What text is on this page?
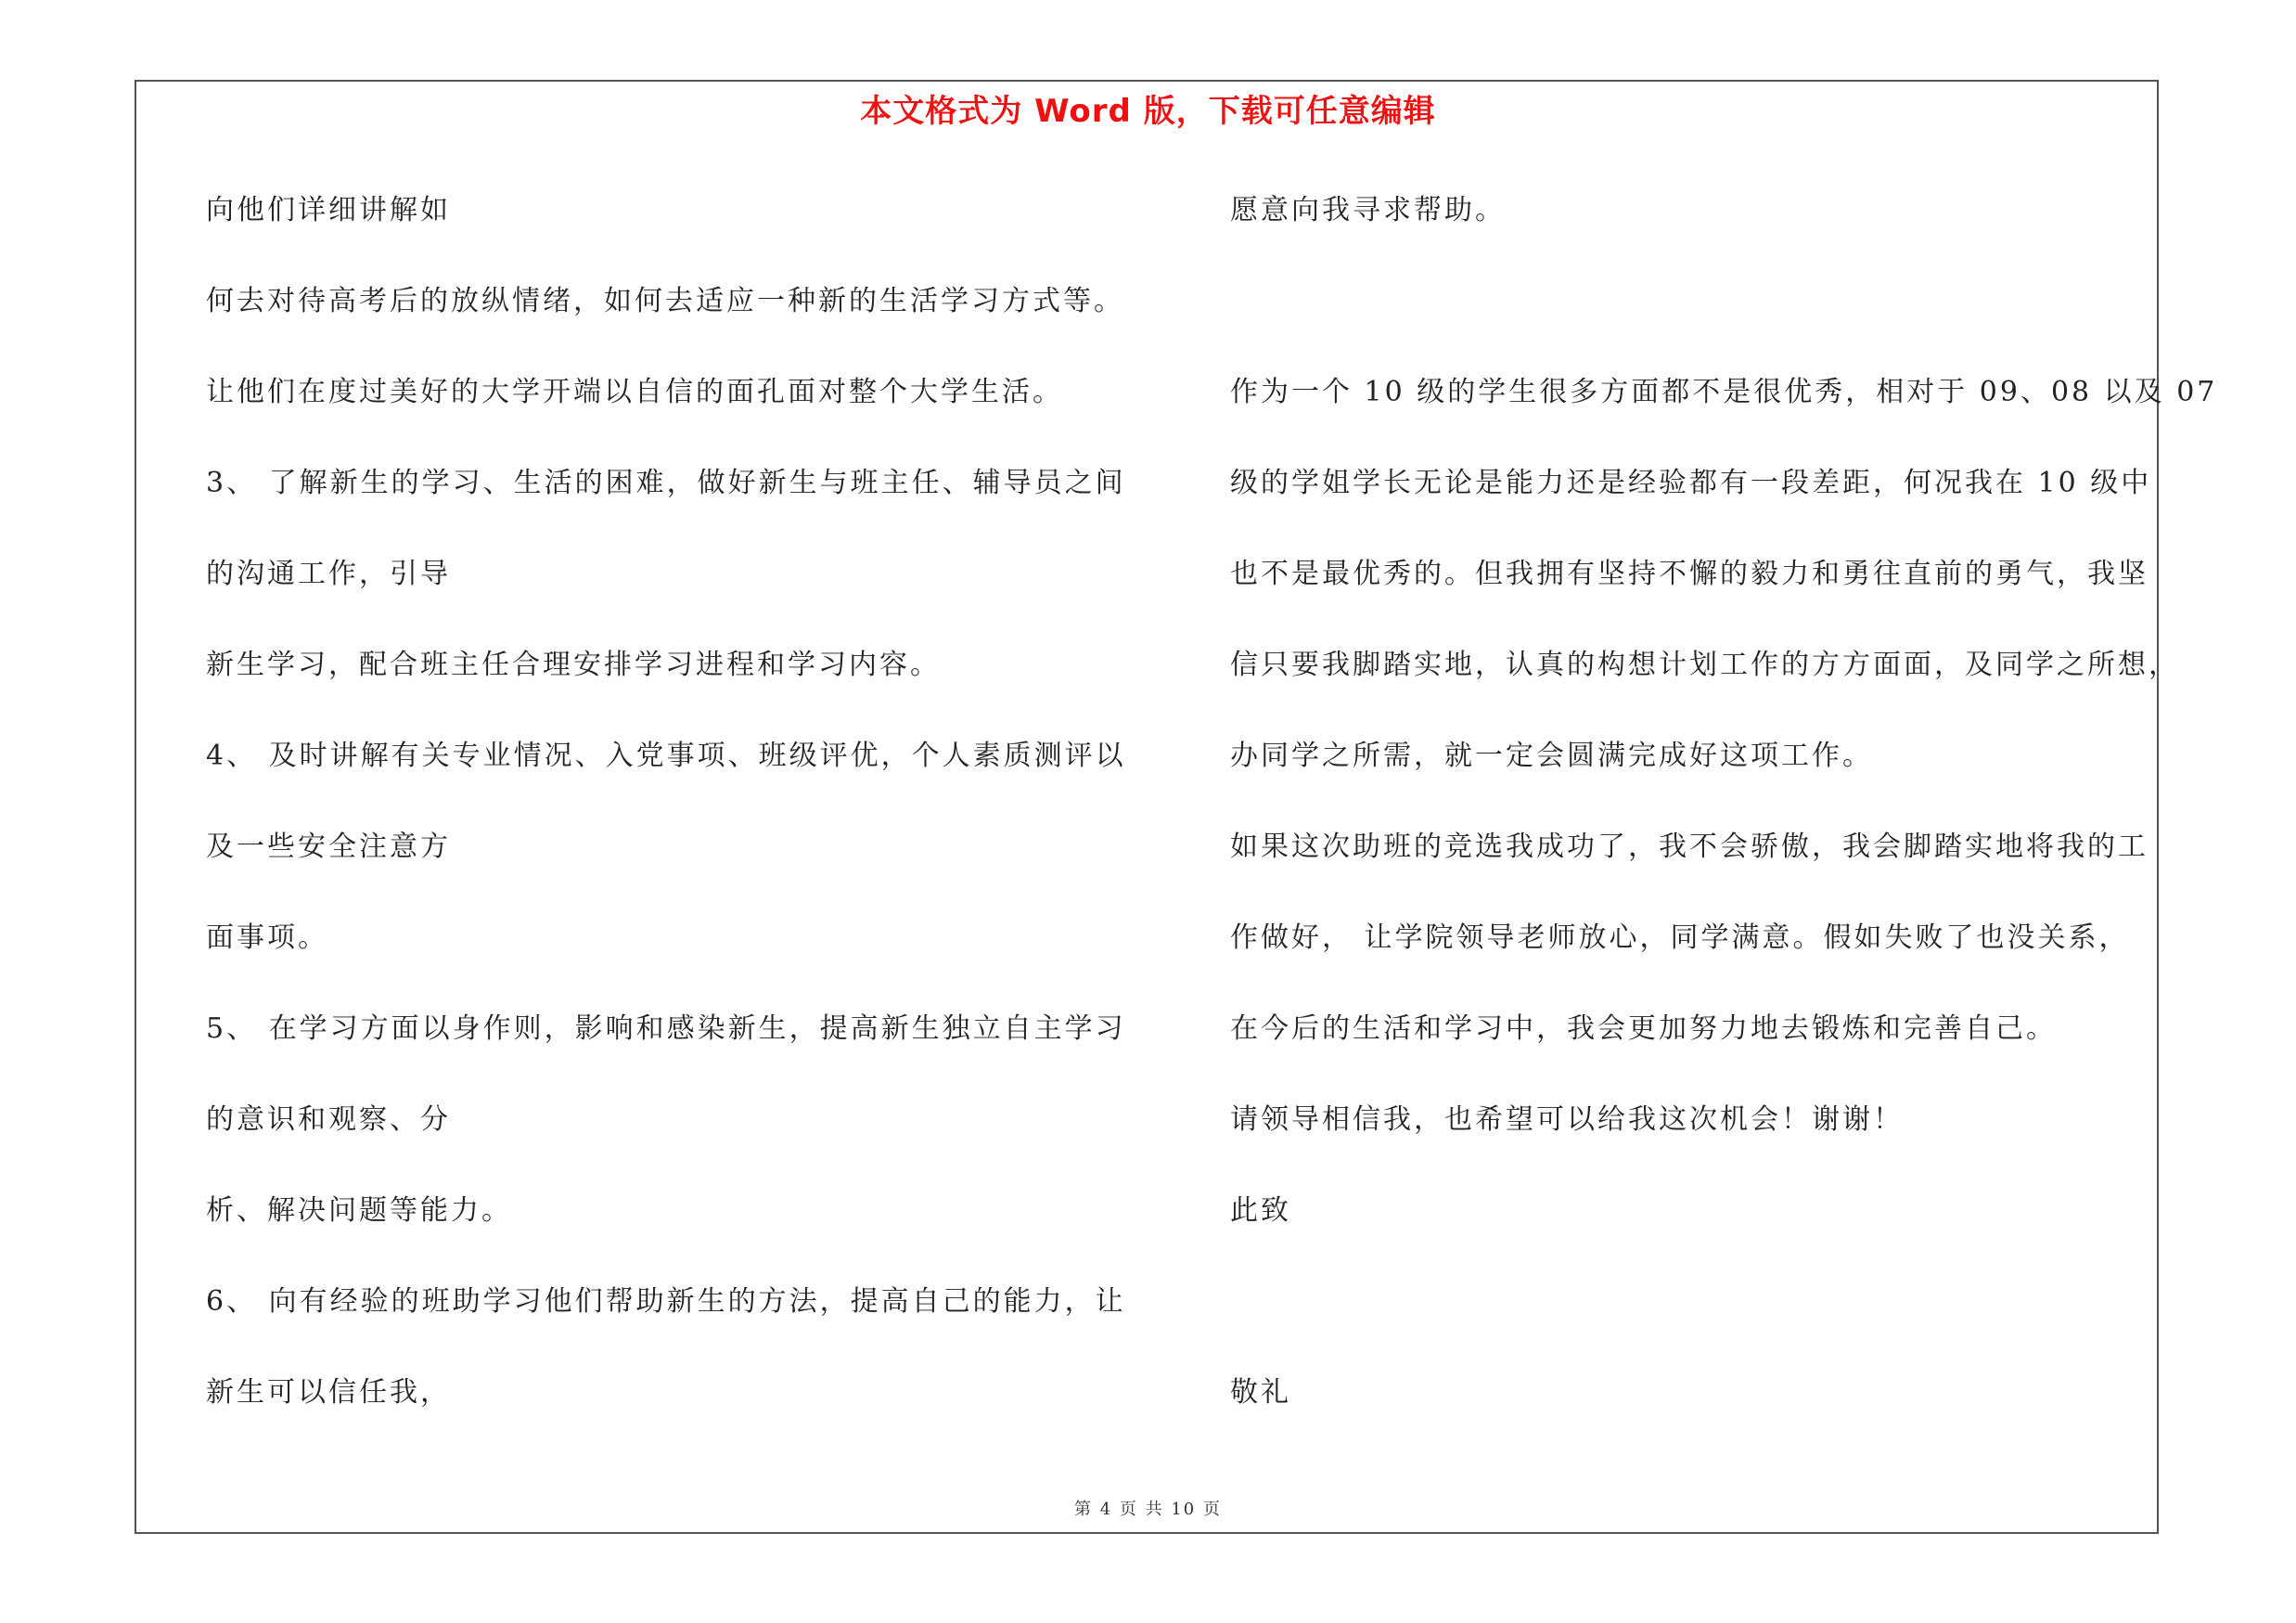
本文格式为 Word 版，下载可任意编辑
向他们详细讲解如
何去对待高考后的放纵情绪，如何去适应一种新的生活学习方式等。
让他们在度过美好的大学开端以自信的面孔面对整个大学生活。
3、 了解新生的学习、生活的困难，做好新生与班主任、辅导员之间
的沟通工作，引导
新生学习，配合班主任合理安排学习进程和学习内容。
4、 及时讲解有关专业情况、入党事项、班级评优，个人素质测评以
及一些安全注意方
面事项。
5、 在学习方面以身作则，影响和感染新生，提高新生独立自主学习
的意识和观察、分
析、解决问题等能力。
6、 向有经验的班助学习他们帮助新生的方法，提高自己的能力，让
新生可以信任我，
愿意向我寻求帮助。
作为一个 10 级的学生很多方面都不是很优秀，相对于 09、08 以及 07
级的学姐学长无论是能力还是经验都有一段差距，何况我在 10 级中
也不是最优秀的。但我拥有坚持不懈的毅力和勇往直前的勇气，我坚
信只要我脚踏实地，认真的构想计划工作的方方面面，及同学之所想，
办同学之所需，就一定会圆满完成好这项工作。
如果这次助班的竞选我成功了，我不会骄傲，我会脚踏实地将我的工
作做好， 让学院领导老师放心，同学满意。假如失败了也没关系，
在今后的生活和学习中，我会更加努力地去锻炼和完善自己。
请领导相信我，也希望可以给我这次机会！谢谢！
此致
敬礼
第 4 页 共 10 页
